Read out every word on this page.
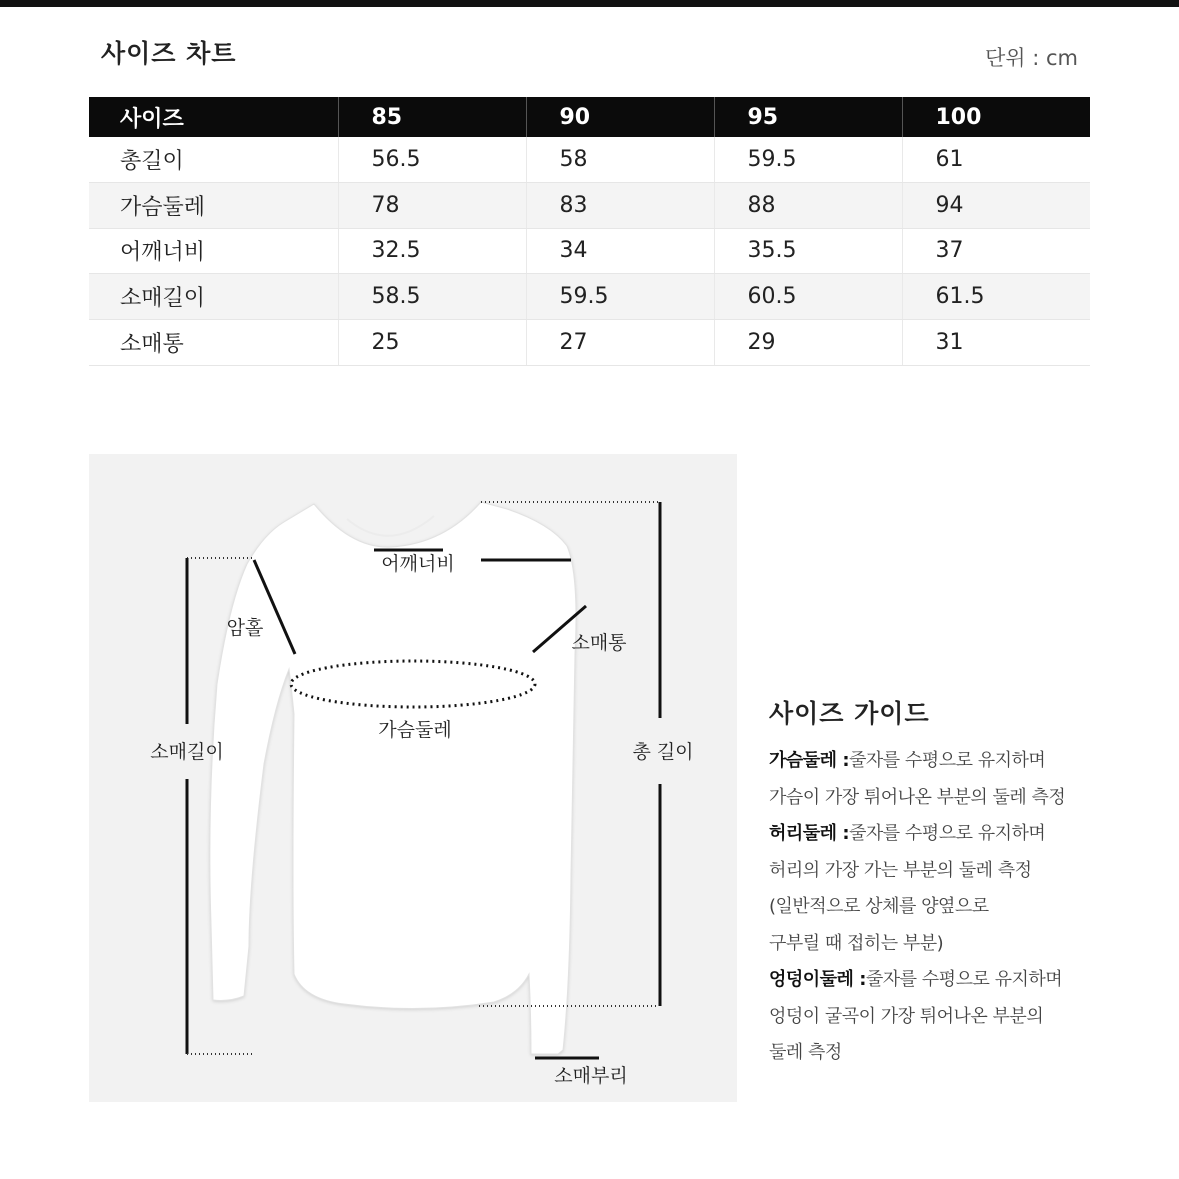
사이즈 차트	단위 : cm
사이즈	85	90	95	100
총길이	56.5	58	59.5	61
가슴둘레	78	83	88	94
어깨너비	32.5	34	35.5	37
소매길이	58.5	59.5	60.5	61.5
소매통	25	27	29	31
어깨너비
암홀
소매통
가슴둘레
소매길이	총 길이
소매부리
사이즈 가이드
가슴둘레 :줄자를 수평으로 유지하며
가슴이 가장 튀어나온 부분의 둘레 측정
허리둘레 :줄자를 수평으로 유지하며
허리의 가장 가는 부분의 둘레 측정
(일반적으로 상체를 양옆으로
구부릴 때 접히는 부분)
엉덩이둘레 :줄자를 수평으로 유지하며
엉덩이 굴곡이 가장 튀어나온 부분의
둘레 측정
